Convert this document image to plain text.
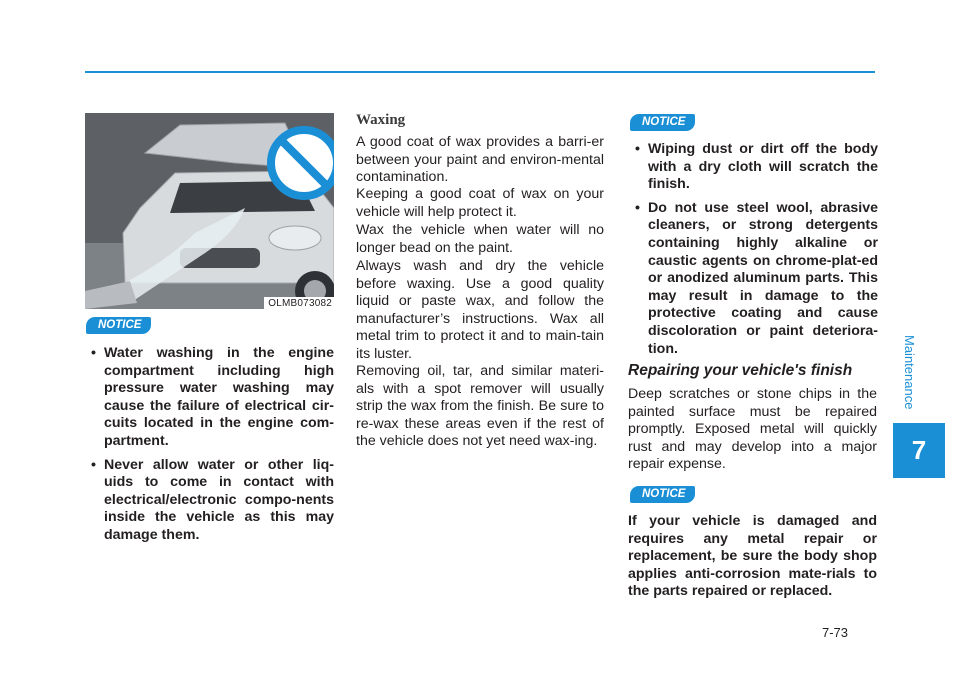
Maintenance
7
OLMB073082
NOTICE
• Water washing in the engine compartment including high pressure water washing may cause the failure of electrical cir-cuits located in the engine com-partment.
• Never allow water or other liq-uids to come in contact with electrical/electronic compo-nents inside the vehicle as this may damage them.
Waxing

A good coat of wax provides a barri-er between your paint and environ-mental contamination.

Keeping a good coat of wax on your vehicle will help protect it.

Wax the vehicle when water will no longer bead on the paint.

Always wash and dry the vehicle before waxing. Use a good quality liquid or paste wax, and follow the manufacturer’s instructions. Wax all metal trim to protect it and to main-tain its luster.

Removing oil, tar, and similar materi-als with a spot remover will usually strip the wax from the finish. Be sure to re-wax these areas even if the rest of the vehicle does not yet need wax-ing.

NOTICE
• Wiping dust or dirt off the body with a dry cloth will scratch the finish.
• Do not use steel wool, abrasive cleaners, or strong detergents containing highly alkaline or caustic agents on chrome-plat-ed or anodized aluminum parts. This may result in damage to the protective coating and cause discoloration or paint deteriora-tion.
Repairing your vehicle's finish

Deep scratches or stone chips in the painted surface must be repaired promptly. Exposed metal will quickly rust and may develop into a major repair expense.

NOTICE

If your vehicle is damaged and requires any metal repair or replacement, be sure the body shop applies anti-corrosion mate-rials to the parts repaired or replaced.

7-73
